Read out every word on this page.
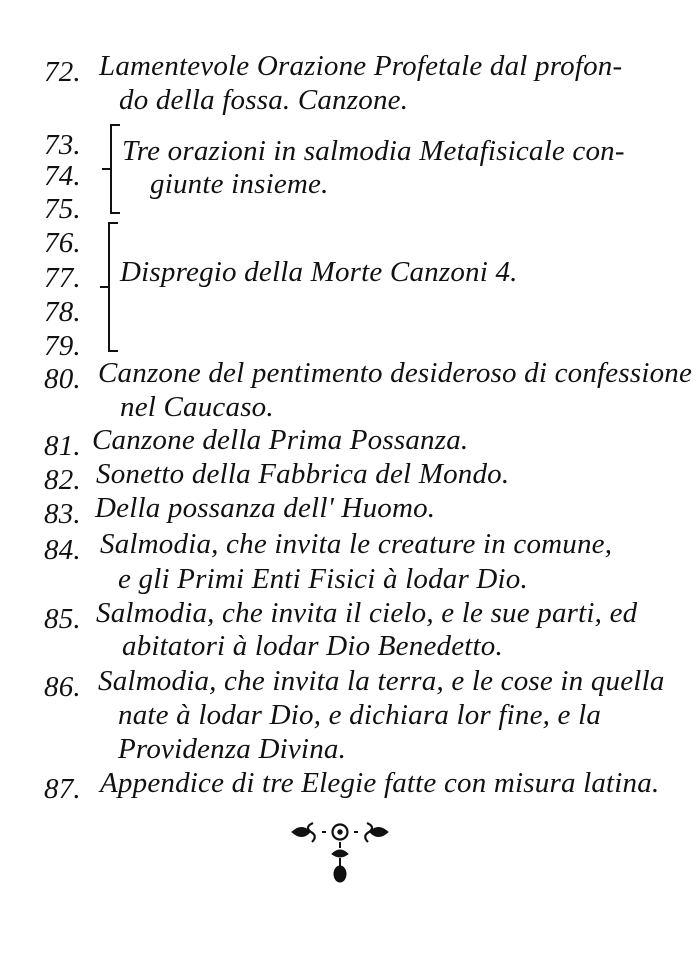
72. Lamentevole Orazione Profetale dal profon-
do della fossa. Canzone.
73.
74.
75.
Tre orazioni in salmodia Metafisicale con-
giunte insieme.
76.
77.
78.
79.
Dispregio della Morte Canzoni 4.
80. Canzone del pentimento desideroso di confessione
nel Caucaso.
81. Canzone della Prima Possanza.
82. Sonetto della Fabbrica del Mondo.
83. Della possanza dell' Huomo.
84. Salmodia, che invita le creature in comune,
e gli Primi Enti Fisici à lodar Dio.
85. Salmodia, che invita il cielo, e le sue parti, ed
abitatori à lodar Dio Benedetto.
86. Salmodia, che invita la terra, e le cose in quella
nate à lodar Dio, e dichiara lor fine, e la
Providenza Divina.
87. Appendice di tre Elegie fatte con misura latina.
